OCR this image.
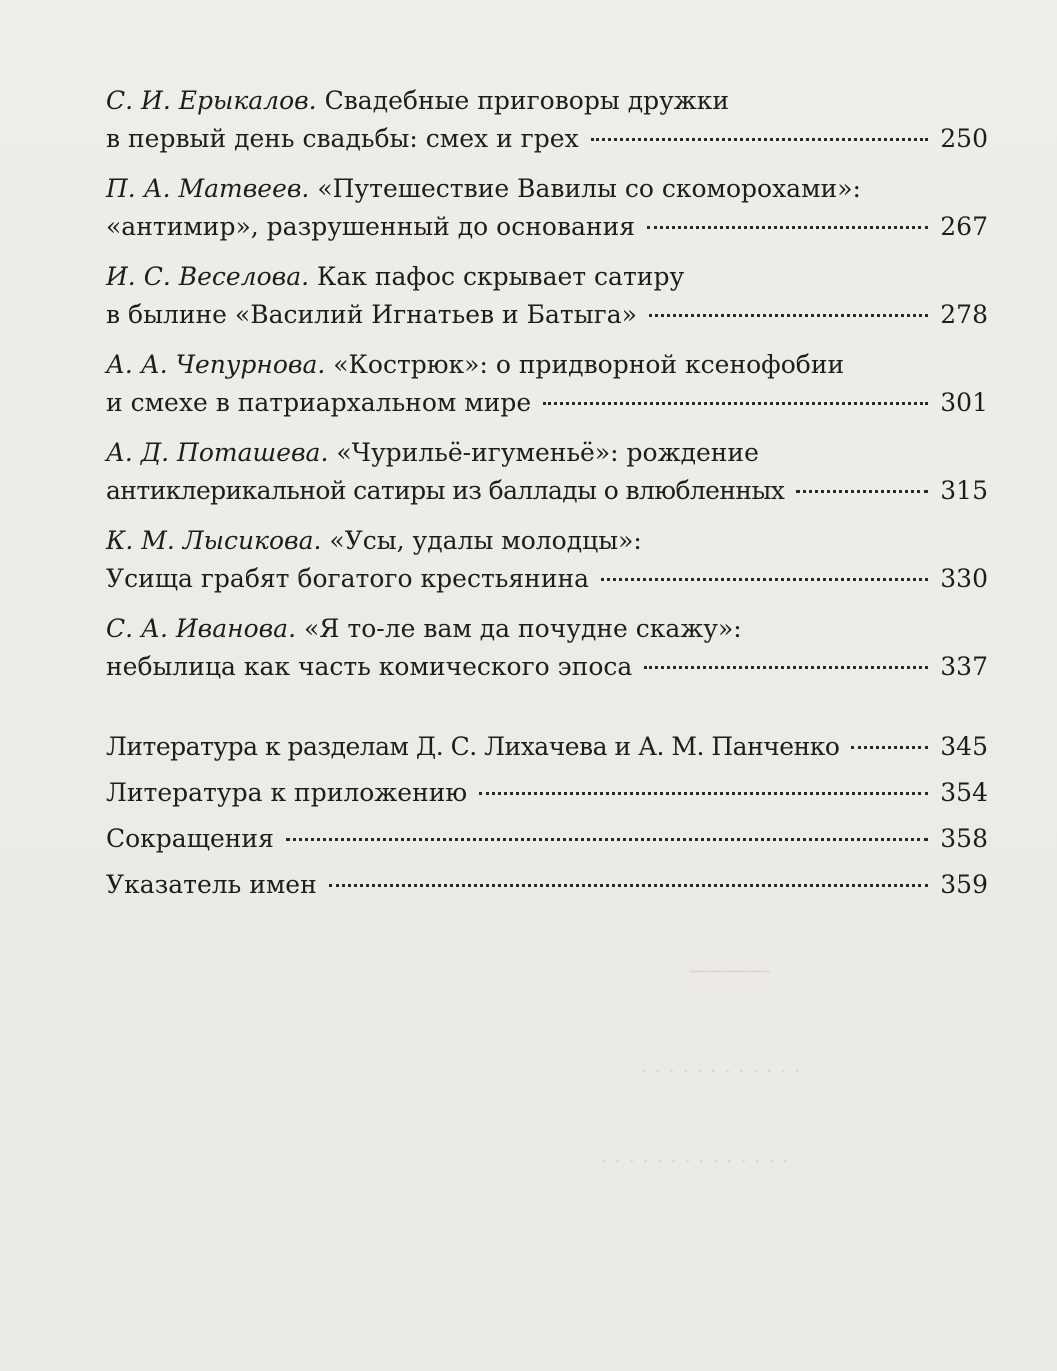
──────
· · · · · · · · · · · ·
· · · · · · · · · · · · · ·
С. И. Ерыкалов. Свадебные приговоры дружки
в первый день свадьбы: смех и грех	250
П. А. Матвеев. «Путешествие Вавилы со скоморохами»:
«антимир», разрушенный до основания	267
И. С. Веселова. Как пафос скрывает сатиру
в былине «Василий Игнатьев и Батыга»	278
А. А. Чепурнова. «Кострюк»: о придворной ксенофобии
и смехе в патриархальном мире	301
А. Д. Поташева. «Чурильё-игуменьё»: рождение
антиклерикальной сатиры из баллады о влюбленных	315
К. М. Лысикова. «Усы, удалы молодцы»:
Усища грабят богатого крестьянина	330
С. А. Иванова. «Я то-ле вам да почудне скажу»:
небылица как часть комического эпоса	337
Литература к разделам Д. С. Лихачева и А. М. Панченко	345
Литература к приложению	354
Сокращения	358
Указатель имен	359
